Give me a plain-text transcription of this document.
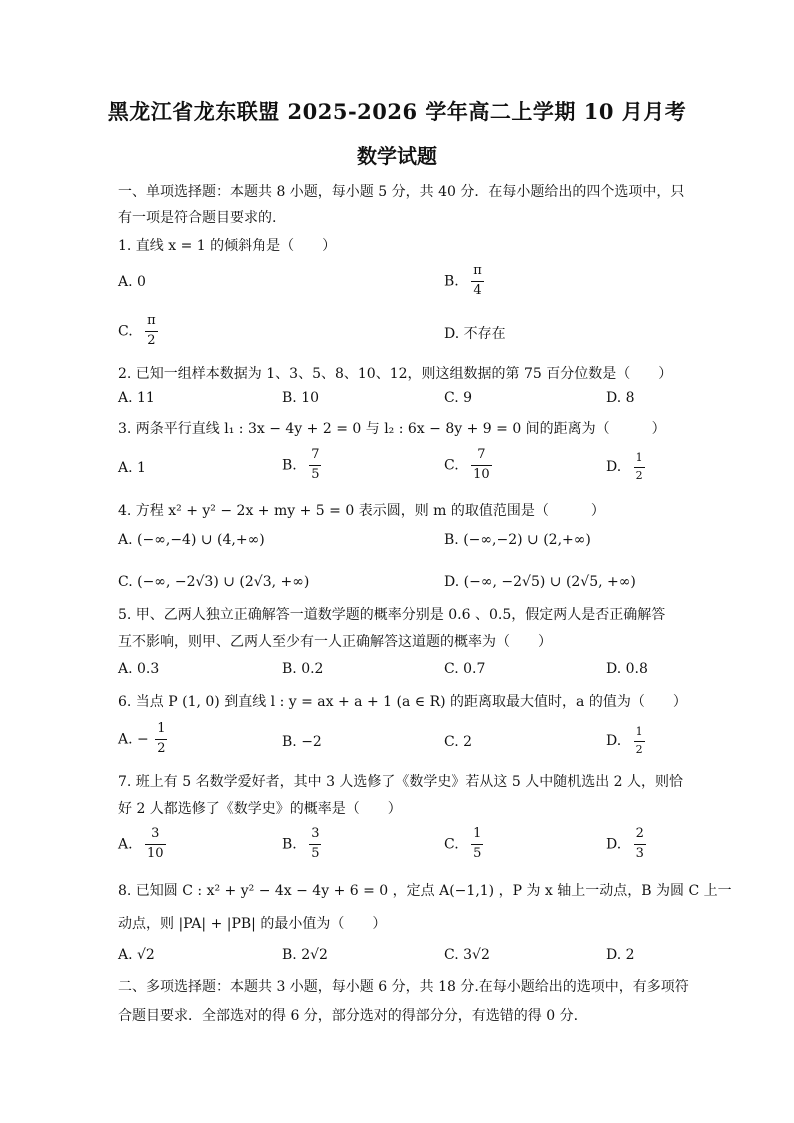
黑龙江省龙东联盟 2025-2026 学年高二上学期 10 月月考
数学试题
一、单项选择题：本题共 8 小题，每小题 5 分，共 40 分．在每小题给出的四个选项中，只
有一项是符合题目要求的.
1. 直线 x = 1 的倾斜角是（　　）
A. 0	B. $\frac{\pi}{4}$
C. $\frac{\pi}{2}$	D. 不存在
2. 已知一组样本数据为 1、3、5、8、10、12，则这组数据的第 75 百分位数是（　　）
A. 11	B. 10	C. 9	D. 8
3. 两条平行直线 l₁ : 3x − 4y + 2 = 0 与 l₂ : 6x − 8y + 9 = 0 间的距离为（　　　）
A. 1	B. $\frac{7}{5}$	C. $\frac{7}{10}$	D. $\frac{1}{2}$
4. 方程 x² + y² − 2x + my + 5 = 0 表示圆，则 m 的取值范围是（　　　）
A. (−∞,−4) ∪ (4,+∞)	B. (−∞,−2) ∪ (2,+∞)
C. (−∞, −2√3) ∪ (2√3, +∞)	D. (−∞, −2√5) ∪ (2√5, +∞)
5. 甲、乙两人独立正确解答一道数学题的概率分别是 0.6 、0.5，假定两人是否正确解答
互不影响，则甲、乙两人至少有一人正确解答这道题的概率为（　　）
A. 0.3	B. 0.2	C. 0.7	D. 0.8
6. 当点 P (1, 0) 到直线 l : y = ax + a + 1 (a ∈ R) 的距离取最大值时，a 的值为（　　）
A. − $\frac{1}{2}$	B. −2	C. 2	D. $\frac{1}{2}$
7. 班上有 5 名数学爱好者，其中 3 人选修了《数学史》若从这 5 人中随机选出 2 人，则恰
好 2 人都选修了《数学史》的概率是（　　）
A. $\frac{3}{10}$	B. $\frac{3}{5}$	C. $\frac{1}{5}$	D. $\frac{2}{3}$
8. 已知圆 C : x² + y² − 4x − 4y + 6 = 0 ，定点 A(−1,1) ，P 为 x 轴上一动点，B 为圆 C 上一
动点，则 |PA| + |PB| 的最小值为（　　）
A. √2	B. 2√2	C. 3√2	D. 2
二、多项选择题：本题共 3 小题，每小题 6 分，共 18 分.在每小题给出的选项中，有多项符
合题目要求．全部选对的得 6 分，部分选对的得部分分，有选错的得 0 分.
